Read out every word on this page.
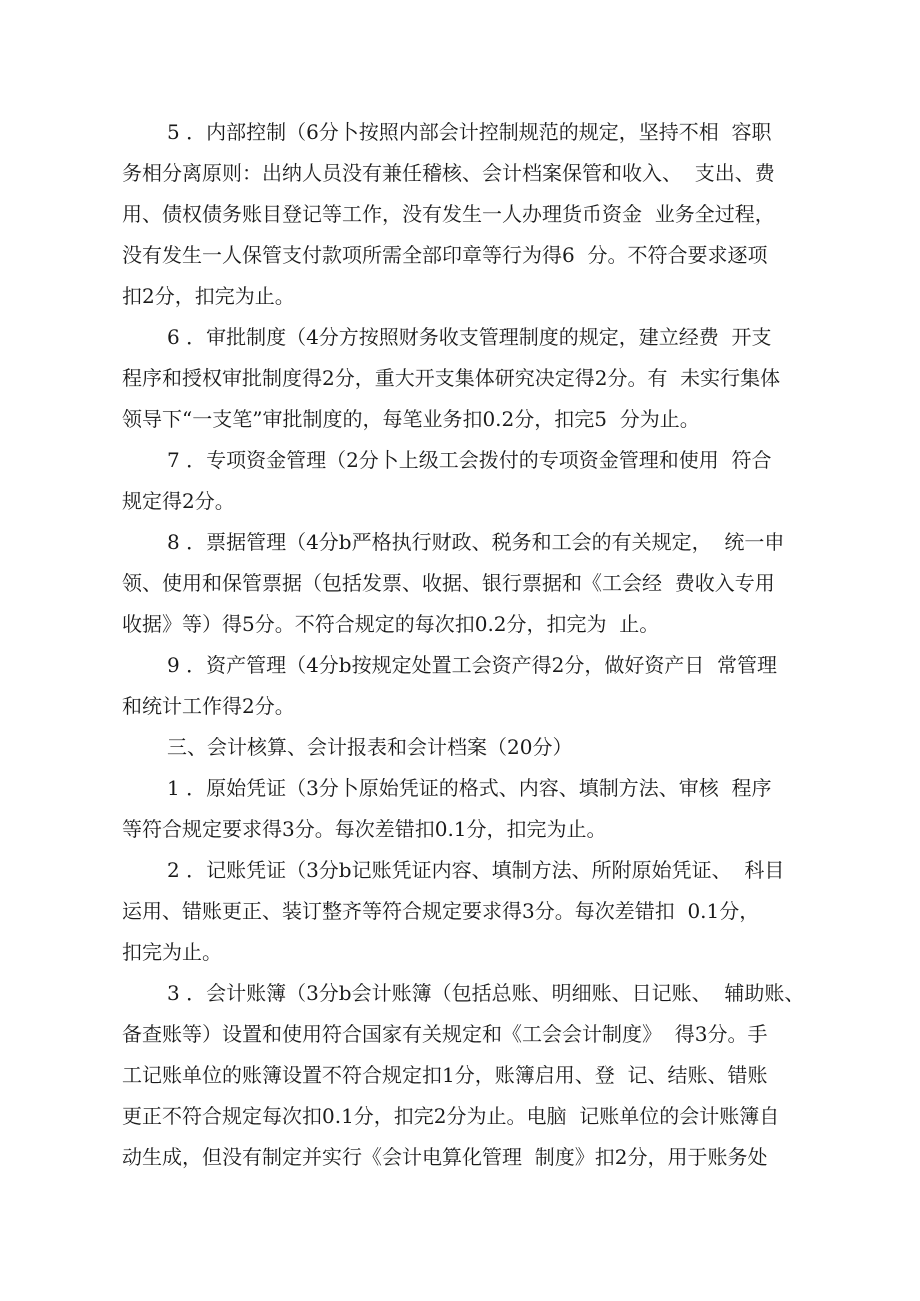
5 ．内部控制（6分卜按照内部会计控制规范的规定，坚持不相  容职
务相分离原则：出纳人员没有兼任稽核、会计档案保管和收入、  支出、费
用、债权债务账目登记等工作，没有发生一人办理货币资金  业务全过程，
没有发生一人保管支付款项所需全部印章等行为得6  分。不符合要求逐项
扣2分，扣完为止。
6 ．审批制度（4分方按照财务收支管理制度的规定，建立经费  开支
程序和授权审批制度得2分，重大开支集体研究决定得2分。有  未实行集体
领导下“一支笔”审批制度的，每笔业务扣0.2分，扣完5  分为止。
7 ．专项资金管理（2分卜上级工会拨付的专项资金管理和使用  符合
规定得2分。
8 ．票据管理（4分b严格执行财政、税务和工会的有关规定，  统一申
领、使用和保管票据（包括发票、收据、银行票据和《工会经  费收入专用
收据》等）得5分。不符合规定的每次扣0.2分，扣完为  止。
9 ．资产管理（4分b按规定处置工会资产得2分，做好资产日  常管理
和统计工作得2分。
三、会计核算、会计报表和会计档案（20分）
1 ．原始凭证（3分卜原始凭证的格式、内容、填制方法、审核  程序
等符合规定要求得3分。每次差错扣0.1分，扣完为止。
2 ．记账凭证（3分b记账凭证内容、填制方法、所附原始凭证、  科目
运用、错账更正、装订整齐等符合规定要求得3分。每次差错扣  0.1分，
扣完为止。
3 ．会计账簿（3分b会计账簿（包括总账、明细账、日记账、  辅助账、
备查账等）设置和使用符合国家有关规定和《工会会计制度》  得3分。手
工记账单位的账簿设置不符合规定扣1分，账簿启用、登  记、结账、错账
更正不符合规定每次扣0.1分，扣完2分为止。电脑  记账单位的会计账簿自
动生成，但没有制定并实行《会计电算化管理  制度》扣2分，用于账务处
